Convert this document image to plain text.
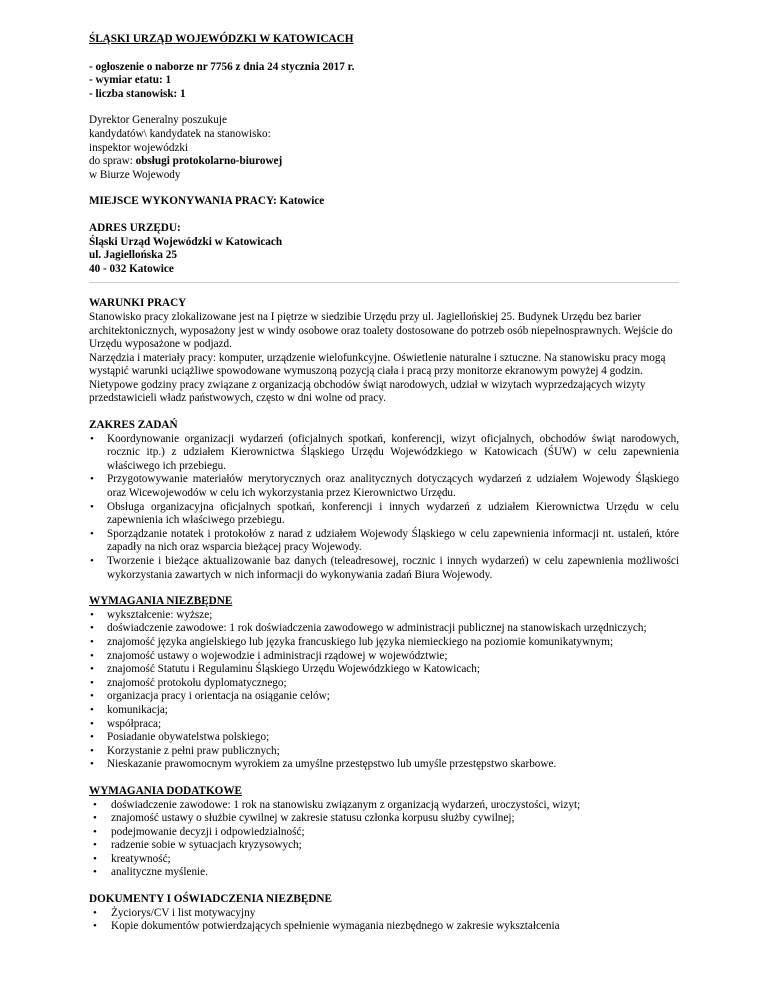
ŚLĄSKI URZĄD WOJEWÓDZKI W KATOWICACH
- ogłoszenie o naborze nr 7756 z dnia 24 stycznia 2017 r.
- wymiar etatu: 1
- liczba stanowisk: 1
Dyrektor Generalny poszukuje
kandydatów\ kandydatek na stanowisko:
inspektor wojewódzki
do spraw: obsługi protokolarno-biurowej
w Biurze Wojewody
MIEJSCE WYKONYWANIA PRACY: Katowice
ADRES URZĘDU:
Śląski Urząd Wojewódzki w Katowicach
ul. Jagiellońska 25
40 - 032 Katowice
WARUNKI PRACY
Stanowisko pracy zlokalizowane jest na I piętrze w siedzibie Urzędu przy ul. Jagiellońskiej 25. Budynek Urzędu bez barier architektonicznych, wyposażony jest w windy osobowe oraz toalety dostosowane do potrzeb osób niepełnosprawnych. Wejście do Urzędu wyposażone w podjazd.
Narzędzia i materiały pracy: komputer, urządzenie wielofunkcyjne. Oświetlenie naturalne i sztuczne. Na stanowisku pracy mogą wystąpić warunki uciążliwe spowodowane wymuszoną pozycją ciała i pracą przy monitorze ekranowym powyżej 4 godzin. Nietypowe godziny pracy związane z organizacją obchodów świąt narodowych, udział w wizytach wyprzedzających wizyty przedstawicieli władz państwowych, często w dni wolne od pracy.
ZAKRES ZADAŃ
• Koordynowanie organizacji wydarzeń (oficjalnych spotkań, konferencji, wizyt oficjalnych, obchodów świąt narodowych, rocznic itp.) z udziałem Kierownictwa Śląskiego Urzędu Wojewódzkiego w Katowicach (ŚUW) w celu zapewnienia właściwego ich przebiegu.
• Przygotowywanie materiałów merytorycznych oraz analitycznych dotyczących wydarzeń z udziałem Wojewody Śląskiego oraz Wicewojewodów w celu ich wykorzystania przez Kierownictwo Urzędu.
• Obsługa organizacyjna oficjalnych spotkań, konferencji i innych wydarzeń z udziałem Kierownictwa Urzędu w celu zapewnienia ich właściwego przebiegu.
• Sporządzanie notatek i protokołów z narad z udziałem Wojewody Śląskiego w celu zapewnienia informacji nt. ustaleń, które zapadły na nich oraz wsparcia bieżącej pracy Wojewody.
• Tworzenie i bieżące aktualizowanie baz danych (teleadresowej, rocznic i innych wydarzeń) w celu zapewnienia możliwości wykorzystania zawartych w nich informacji do wykonywania zadań Biura Wojewody.
WYMAGANIA NIEZBĘDNE
• wykształcenie: wyższe;
• doświadczenie zawodowe: 1 rok doświadczenia zawodowego w administracji publicznej na stanowiskach urzędniczych;
• znajomość języka angielskiego lub języka francuskiego lub języka niemieckiego na poziomie komunikatywnym;
• znajomość ustawy o wojewodzie i administracji rządowej w województwie;
• znajomość Statutu i Regulaminu Śląskiego Urzędu Wojewódzkiego w Katowicach;
• znajomość protokołu dyplomatycznego;
• organizacja pracy i orientacja na osiąganie celów;
• komunikacja;
• współpraca;
• Posiadanie obywatelstwa polskiego;
• Korzystanie z pełni praw publicznych;
• Nieskazanie prawomocnym wyrokiem za umyślne przestępstwo lub umyśle przestępstwo skarbowe.
WYMAGANIA DODATKOWE
• doświadczenie zawodowe: 1 rok na stanowisku związanym z organizacją wydarzeń, uroczystości, wizyt;
• znajomość ustawy o służbie cywilnej w zakresie statusu członka korpusu służby cywilnej;
• podejmowanie decyzji i odpowiedzialność;
• radzenie sobie w sytuacjach kryzysowych;
• kreatywność;
• analityczne myślenie.
DOKUMENTY I OŚWIADCZENIA NIEZBĘDNE
• Życiorys/CV i list motywacyjny
• Kopie dokumentów potwierdzających spełnienie wymagania niezbędnego w zakresie wykształcenia
